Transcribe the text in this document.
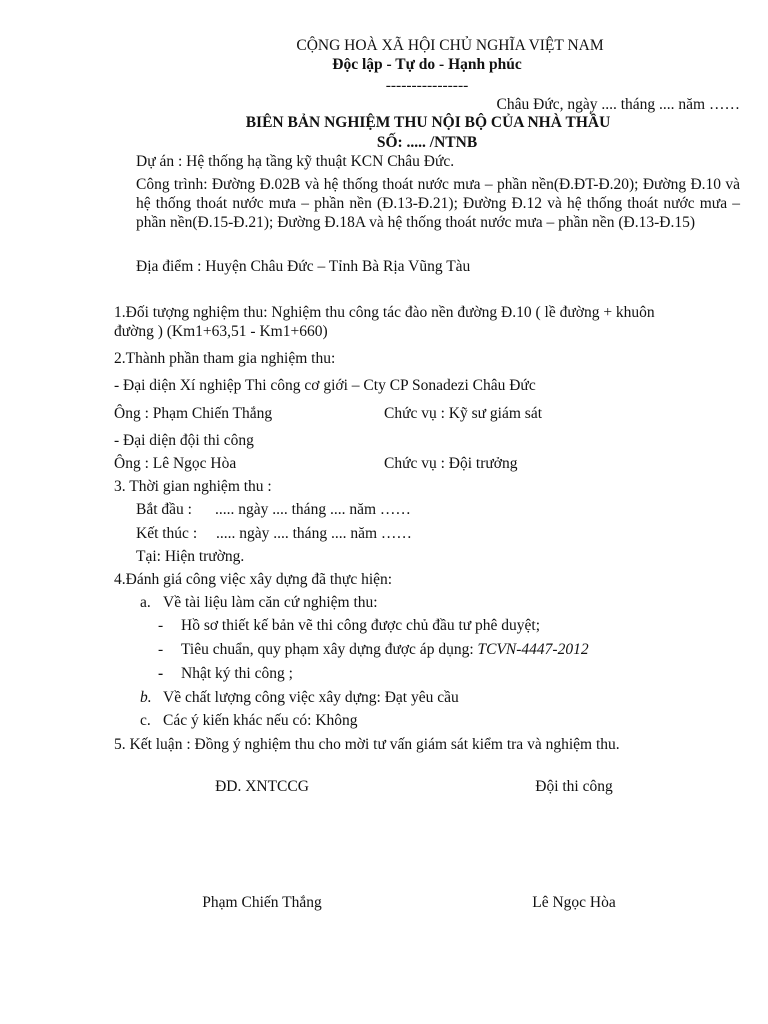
CỘNG HOÀ XÃ HỘI CHỦ NGHĨA VIỆT NAM
Độc lập - Tự do - Hạnh phúc
----------------
Châu Đức, ngày .... tháng .... năm ……
BIÊN BẢN NGHIỆM THU NỘI BỘ CỦA NHÀ THẦU
SỐ: ..... /NTNB
Dự án : Hệ thống hạ tầng kỹ thuật KCN Châu Đức.
Công trình: Đường Đ.02B và hệ thống thoát nước mưa – phần nền(Đ.ĐT-Đ.20); Đường Đ.10 và hệ thống thoát nước mưa – phần nền (Đ.13-Đ.21); Đường Đ.12 và hệ thống thoát nước mưa – phần nền(Đ.15-Đ.21); Đường Đ.18A và hệ thống thoát nước mưa – phần nền (Đ.13-Đ.15)
Địa điểm : Huyện Châu Đức – Tỉnh Bà Rịa Vũng Tàu
1.Đối tượng nghiệm thu: Nghiệm thu công tác đào nền đường Đ.10 ( lề đường + khuôn
đường ) (Km1+63,51 - Km1+660)
2.Thành phần tham gia nghiệm thu:
- Đại diện Xí nghiệp Thi công cơ giới – Cty CP Sonadezi Châu Đức
Ông : Phạm Chiến Thắng	Chức vụ : Kỹ sư giám sát
- Đại diện đội thi công
Ông : Lê Ngọc Hòa	Chức vụ : Đội trưởng
3. Thời gian nghiệm thu :
Bắt đầu : ..... ngày .... tháng .... năm ……
Kết thúc : ..... ngày .... tháng .... năm ……
Tại: Hiện trường.
4.Đánh giá công việc xây dựng đã thực hiện:
a. Về tài liệu làm căn cứ nghiệm thu:
- Hồ sơ thiết kế bản vẽ thi công được chủ đầu tư phê duyệt;
- Tiêu chuẩn, quy phạm xây dựng được áp dụng: TCVN-4447-2012
- Nhật ký thi công ;
b. Về chất lượng công việc xây dựng: Đạt yêu cầu
c. Các ý kiến khác nếu có: Không
5. Kết luận : Đồng ý nghiệm thu cho mời tư vấn giám sát kiểm tra và nghiệm thu.
ĐD. XNTCCG	Đội thi công
Phạm Chiến Thắng	Lê Ngọc Hòa
